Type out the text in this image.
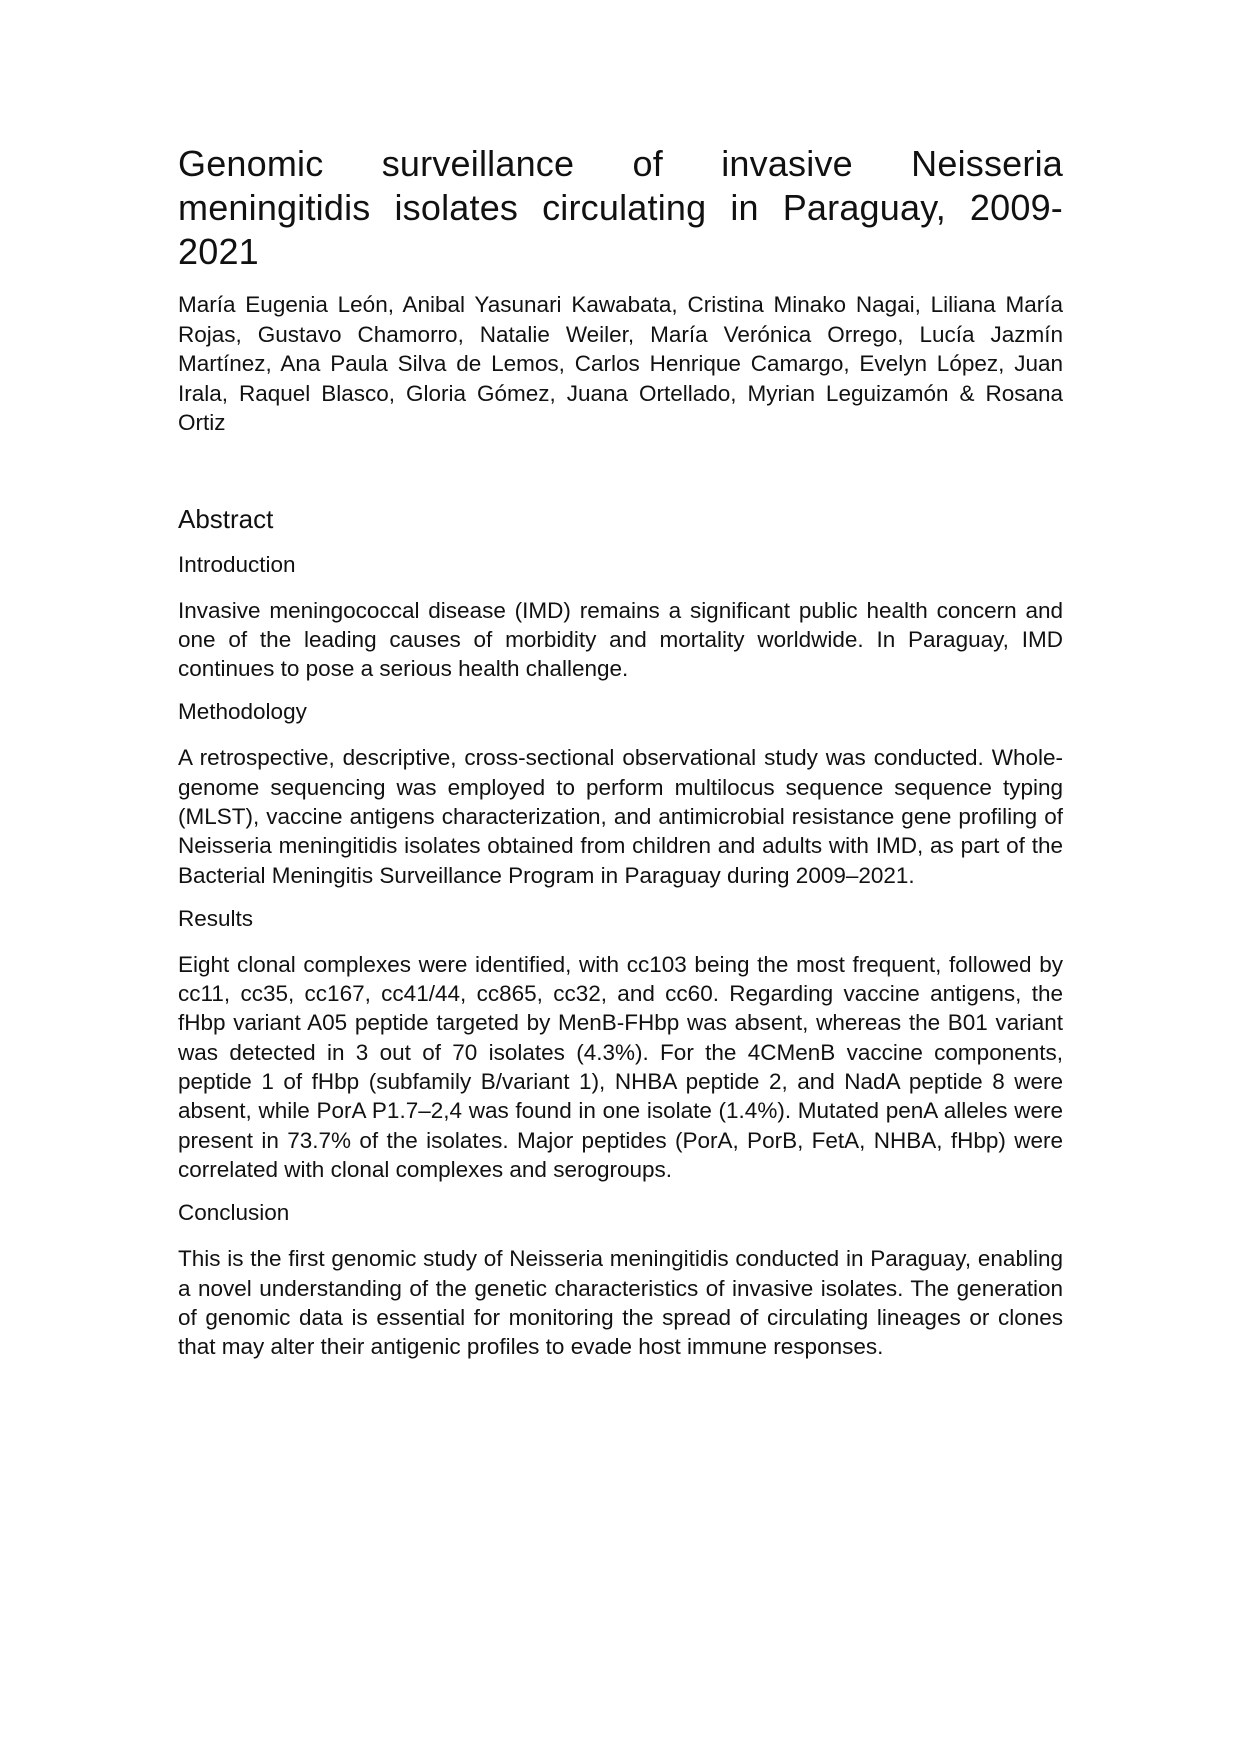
Genomic surveillance of invasive Neisseria meningitidis isolates circulating in Paraguay, 2009-2021

María Eugenia León, Anibal Yasunari Kawabata, Cristina Minako Nagai, Liliana María Rojas, Gustavo Chamorro, Natalie Weiler, María Verónica Orrego, Lucía Jazmín Martínez, Ana Paula Silva de Lemos, Carlos Henrique Camargo, Evelyn López, Juan Irala, Raquel Blasco, Gloria Gómez, Juana Ortellado, Myrian Leguizamón & Rosana Ortiz

Abstract
Introduction

Invasive meningococcal disease (IMD) remains a significant public health concern and one of the leading causes of morbidity and mortality worldwide. In Paraguay, IMD continues to pose a serious health challenge.

Methodology

A retrospective, descriptive, cross-sectional observational study was conducted. Whole-genome sequencing was employed to perform multilocus sequence sequence typing (MLST), vaccine antigens characterization, and antimicrobial resistance gene profiling of Neisseria meningitidis isolates obtained from children and adults with IMD, as part of the Bacterial Meningitis Surveillance Program in Paraguay during 2009–2021.

Results

Eight clonal complexes were identified, with cc103 being the most frequent, followed by cc11, cc35, cc167, cc41/44, cc865, cc32, and cc60. Regarding vaccine antigens, the fHbp variant A05 peptide targeted by MenB-FHbp was absent, whereas the B01 variant was detected in 3 out of 70 isolates (4.3%). For the 4CMenB vaccine components, peptide 1 of fHbp (subfamily B/variant 1), NHBA peptide 2, and NadA peptide 8 were absent, while PorA P1.7–2,4 was found in one isolate (1.4%). Mutated penA alleles were present in 73.7% of the isolates. Major peptides (PorA, PorB, FetA, NHBA, fHbp) were correlated with clonal complexes and serogroups.

Conclusion

This is the first genomic study of Neisseria meningitidis conducted in Paraguay, enabling a novel understanding of the genetic characteristics of invasive isolates. The generation of genomic data is essential for monitoring the spread of circulating lineages or clones that may alter their antigenic profiles to evade host immune responses.
